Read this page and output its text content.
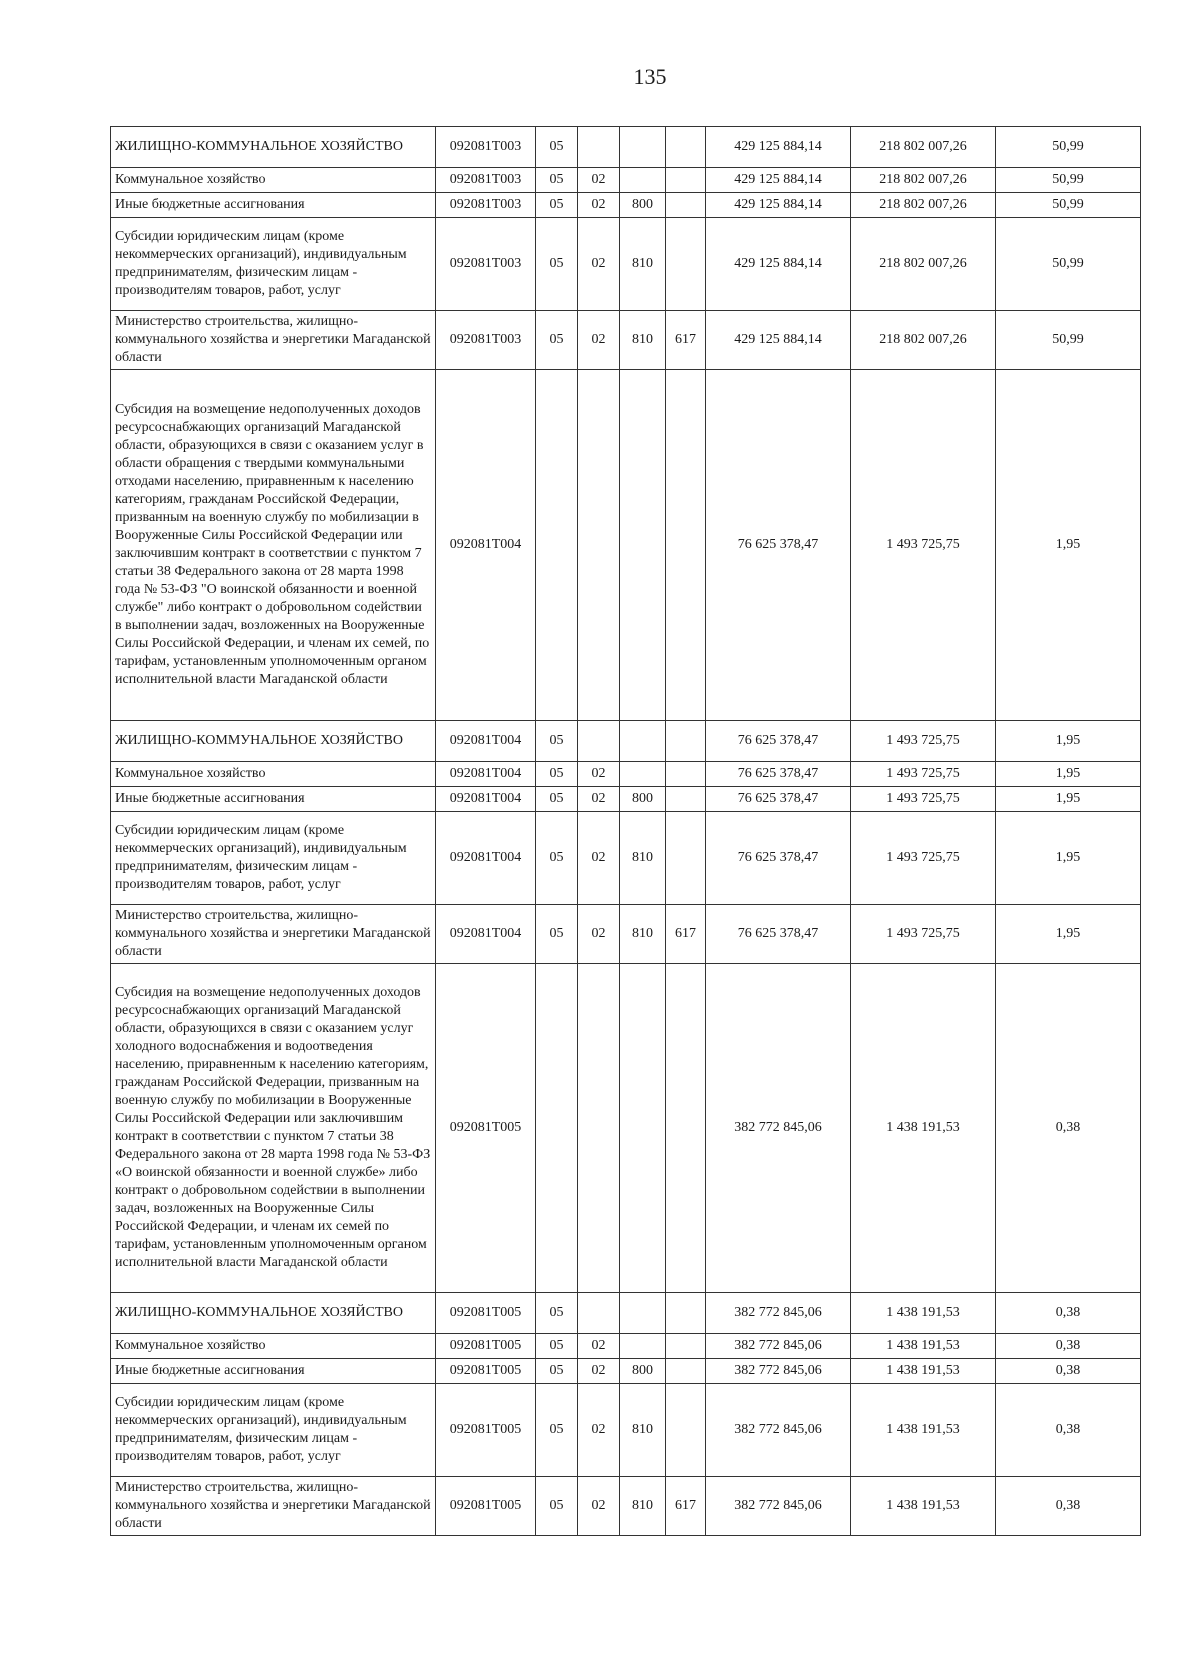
135
ЖИЛИЩНО-КОММУНАЛЬНОЕ ХОЗЯЙСТВО	092081Т003	05				429 125 884,14	218 802 007,26	50,99
Коммунальное хозяйство	092081Т003	05	02			429 125 884,14	218 802 007,26	50,99
Иные бюджетные ассигнования	092081Т003	05	02	800		429 125 884,14	218 802 007,26	50,99
Субсидии юридическим лицам (кроме некоммерческих организаций), индивидуальным предпринимателям, физическим лицам - производителям товаров, работ, услуг	092081Т003	05	02	810		429 125 884,14	218 802 007,26	50,99
Министерство строительства, жилищно-коммунального хозяйства и энергетики Магаданской области	092081Т003	05	02	810	617	429 125 884,14	218 802 007,26	50,99
Субсидия на возмещение недополученных доходов ресурсоснабжающих организаций Магаданской области, образующихся в связи с оказанием услуг в области обращения с твердыми коммунальными отходами населению, приравненным к населению категориям, гражданам Российской Федерации, призванным на военную службу по мобилизации в Вооруженные Силы Российской Федерации или заключившим контракт в соответствии с пунктом 7 статьи 38 Федерального закона от 28 марта 1998 года № 53-ФЗ "О воинской обязанности и военной службе" либо контракт о добровольном содействии в выполнении задач, возложенных на Вооруженные Силы Российской Федерации, и членам их семей, по тарифам, установленным уполномоченным органом исполнительной власти Магаданской области	092081Т004					76 625 378,47	1 493 725,75	1,95
ЖИЛИЩНО-КОММУНАЛЬНОЕ ХОЗЯЙСТВО	092081Т004	05				76 625 378,47	1 493 725,75	1,95
Коммунальное хозяйство	092081Т004	05	02			76 625 378,47	1 493 725,75	1,95
Иные бюджетные ассигнования	092081Т004	05	02	800		76 625 378,47	1 493 725,75	1,95
Субсидии юридическим лицам (кроме некоммерческих организаций), индивидуальным предпринимателям, физическим лицам - производителям товаров, работ, услуг	092081Т004	05	02	810		76 625 378,47	1 493 725,75	1,95
Министерство строительства, жилищно-коммунального хозяйства и энергетики Магаданской области	092081Т004	05	02	810	617	76 625 378,47	1 493 725,75	1,95
Субсидия на возмещение недополученных доходов ресурсоснабжающих организаций Магаданской области, образующихся в связи с оказанием услуг холодного водоснабжения и водоотведения населению, приравненным к населению категориям, гражданам Российской Федерации, призванным на военную службу по мобилизации в Вооруженные Силы Российской Федерации или заключившим контракт в соответствии с пунктом 7 статьи 38 Федерального закона от 28 марта 1998 года № 53-ФЗ «О воинской обязанности и военной службе» либо контракт о добровольном содействии в выполнении задач, возложенных на Вооруженные Силы Российской Федерации, и членам их семей по тарифам, установленным уполномоченным органом исполнительной власти Магаданской области	092081Т005					382 772 845,06	1 438 191,53	0,38
ЖИЛИЩНО-КОММУНАЛЬНОЕ ХОЗЯЙСТВО	092081Т005	05				382 772 845,06	1 438 191,53	0,38
Коммунальное хозяйство	092081Т005	05	02			382 772 845,06	1 438 191,53	0,38
Иные бюджетные ассигнования	092081Т005	05	02	800		382 772 845,06	1 438 191,53	0,38
Субсидии юридическим лицам (кроме некоммерческих организаций), индивидуальным предпринимателям, физическим лицам - производителям товаров, работ, услуг	092081Т005	05	02	810		382 772 845,06	1 438 191,53	0,38
Министерство строительства, жилищно-коммунального хозяйства и энергетики Магаданской области	092081Т005	05	02	810	617	382 772 845,06	1 438 191,53	0,38
